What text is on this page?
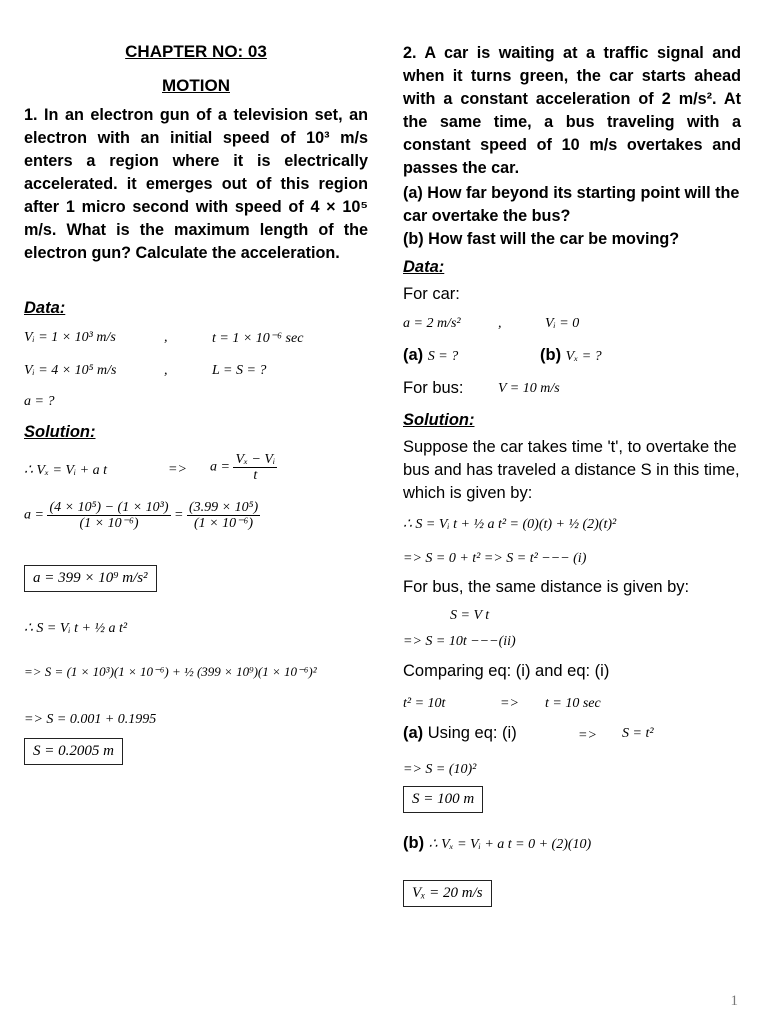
CHAPTER NO: 03
MOTION

1. In an electron gun of a television set, an electron with an initial speed of 10³ m/s enters a region where it is electrically accelerated. it emerges out of this region after 1 micro second with speed of 4 × 10⁵ m/s. What is the maximum length of the electron gun? Calculate the acceleration.

Data:
Vᵢ = 1 × 10³ m/s	,	t = 1 × 10⁻⁶ sec
Vᵢ = 4 × 10⁵ m/s	,	L = S = ?
a = ?
Solution:
∴ Vₓ = Vᵢ + a t	=> $a = \frac{\text{Vₓ − Vᵢ}}{t}$
$a = \frac{\text{(4 × 10⁵) − (1 × 10³)}}{\text{(1 × 10⁻⁶)}} = \frac{\text{(3.99 × 10⁵)}}{\text{(1 × 10⁻⁶)}}$
a = 399 × 10⁹ m/s²
∴ S = Vᵢ t + ½ a t²
=> S = (1 × 10³)(1 × 10⁻⁶) + ½ (399 × 10⁹)(1 × 10⁻⁶)²
=> S = 0.001 + 0.1995
S = 0.2005 m

2. A car is waiting at a traffic signal and when it turns green, the car starts ahead with a constant acceleration of 2 m/s². At the same time, a bus traveling with a constant speed of 10 m/s overtakes and passes the car.

(a) How far beyond its starting point will the car overtake the bus?

(b) How fast will the car be moving?

Data:
For car:
a = 2 m/s²	,	Vᵢ = 0
(a) S = ?	(b) Vₓ = ?
For bus: V = 10 m/s
Solution:
Suppose the car takes time 't', to overtake the bus and has traveled a distance S in this time, which is given by:
∴ S = Vᵢ t + ½ a t² = (0)(t) + ½ (2)(t)²
=> S = 0 + t² => S = t² −−− (i)
For bus, the same distance is given by:
S = V t
=> S = 10t −−−(ii)
Comparing eq: (i) and eq: (i)
t² = 10t	=> t = 10 sec
(a) Using eq: (i)	=> S = t²
=> S = (10)²
S = 100 m
(b) ∴ Vₓ = Vᵢ + a t = 0 + (2)(10)
Vₓ = 20 m/s
1
